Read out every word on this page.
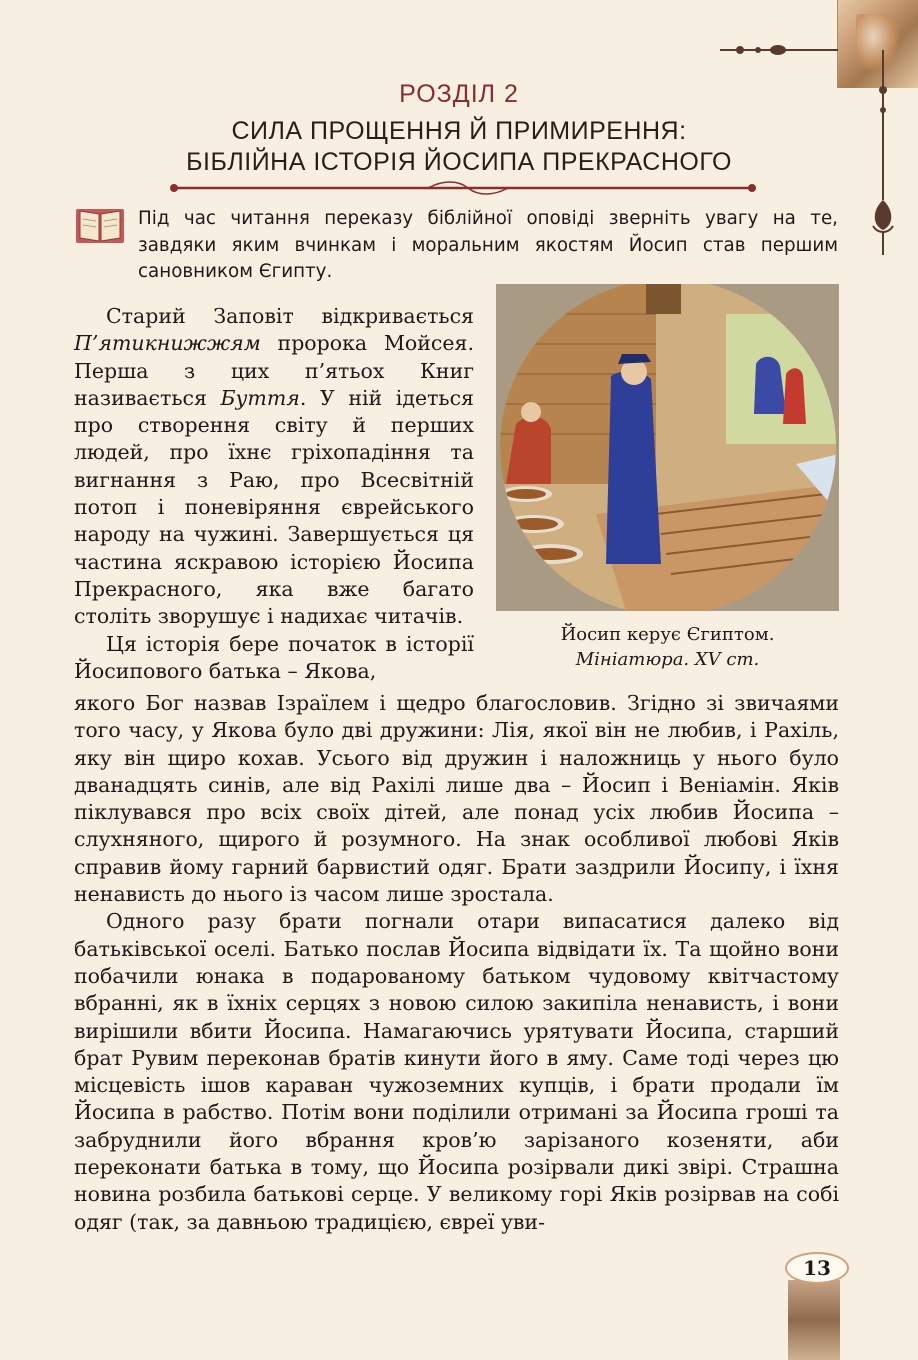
РОЗДІЛ 2
СИЛА ПРОЩЕННЯ Й ПРИМИРЕННЯ:
БІБЛІЙНА ІСТОРІЯ ЙОСИПА ПРЕКРАСНОГО
Під час читання переказу біблійної оповіді зверніть увагу на те, завдяки яким вчинкам і моральним якостям Йосип став першим сановником Єгипту.
Йосип керує Єгиптом.
Мініатюра. XV ст.

Старий Заповіт відкривається П’ятикнижжям пророка Мойсея. Перша з цих п’ятьох Книг називається Буття. У ній ідеться про створення світу й перших людей, про їхнє гріхопадіння та вигнання з Раю, про Всесвітній потоп і поневіряння єврейського народу на чужині. Завершується ця частина яскравою історією Йосипа Прекрасного, яка вже багато століть зворушує і надихає читачів.

Ця історія бере початок в історії Йосипового батька – Якова,

якого Бог назвав Ізраїлем і щедро благословив. Згідно зі звичаями того часу, у Якова було дві дружини: Лія, якої він не любив, і Рахіль, яку він щиро кохав. Усього від дружин і наложниць у нього було дванадцять синів, але від Рахілі лише два – Йосип і Веніамін. Яків піклувався про всіх своїх дітей, але понад усіх любив Йосипа – слухняного, щирого й розумного. На знак особливої любові Яків справив йому гарний барвистий одяг. Брати заздрили Йосипу, і їхня ненависть до нього із часом лише зростала.

Одного разу брати погнали отари випасатися далеко від батьківської оселі. Батько послав Йосипа відвідати їх. Та щойно вони побачили юнака в подарованому батьком чудовому квітчастому вбранні, як в їхніх серцях з новою силою закипіла ненависть, і вони вирішили вбити Йосипа. Намагаючись урятувати Йосипа, старший брат Рувим переконав братів кинути його в яму. Саме тоді через цю місцевість ішов караван чужоземних купців, і брати продали їм Йосипа в рабство. Потім вони поділили отримані за Йосипа гроші та забруднили його вбрання кров’ю зарізаного козеняти, аби переконати батька в тому, що Йосипа розірвали дикі звірі. Страшна новина розбила батькові серце. У великому горі Яків розірвав на собі одяг (так, за давньою традицією, євреї уви-

13
